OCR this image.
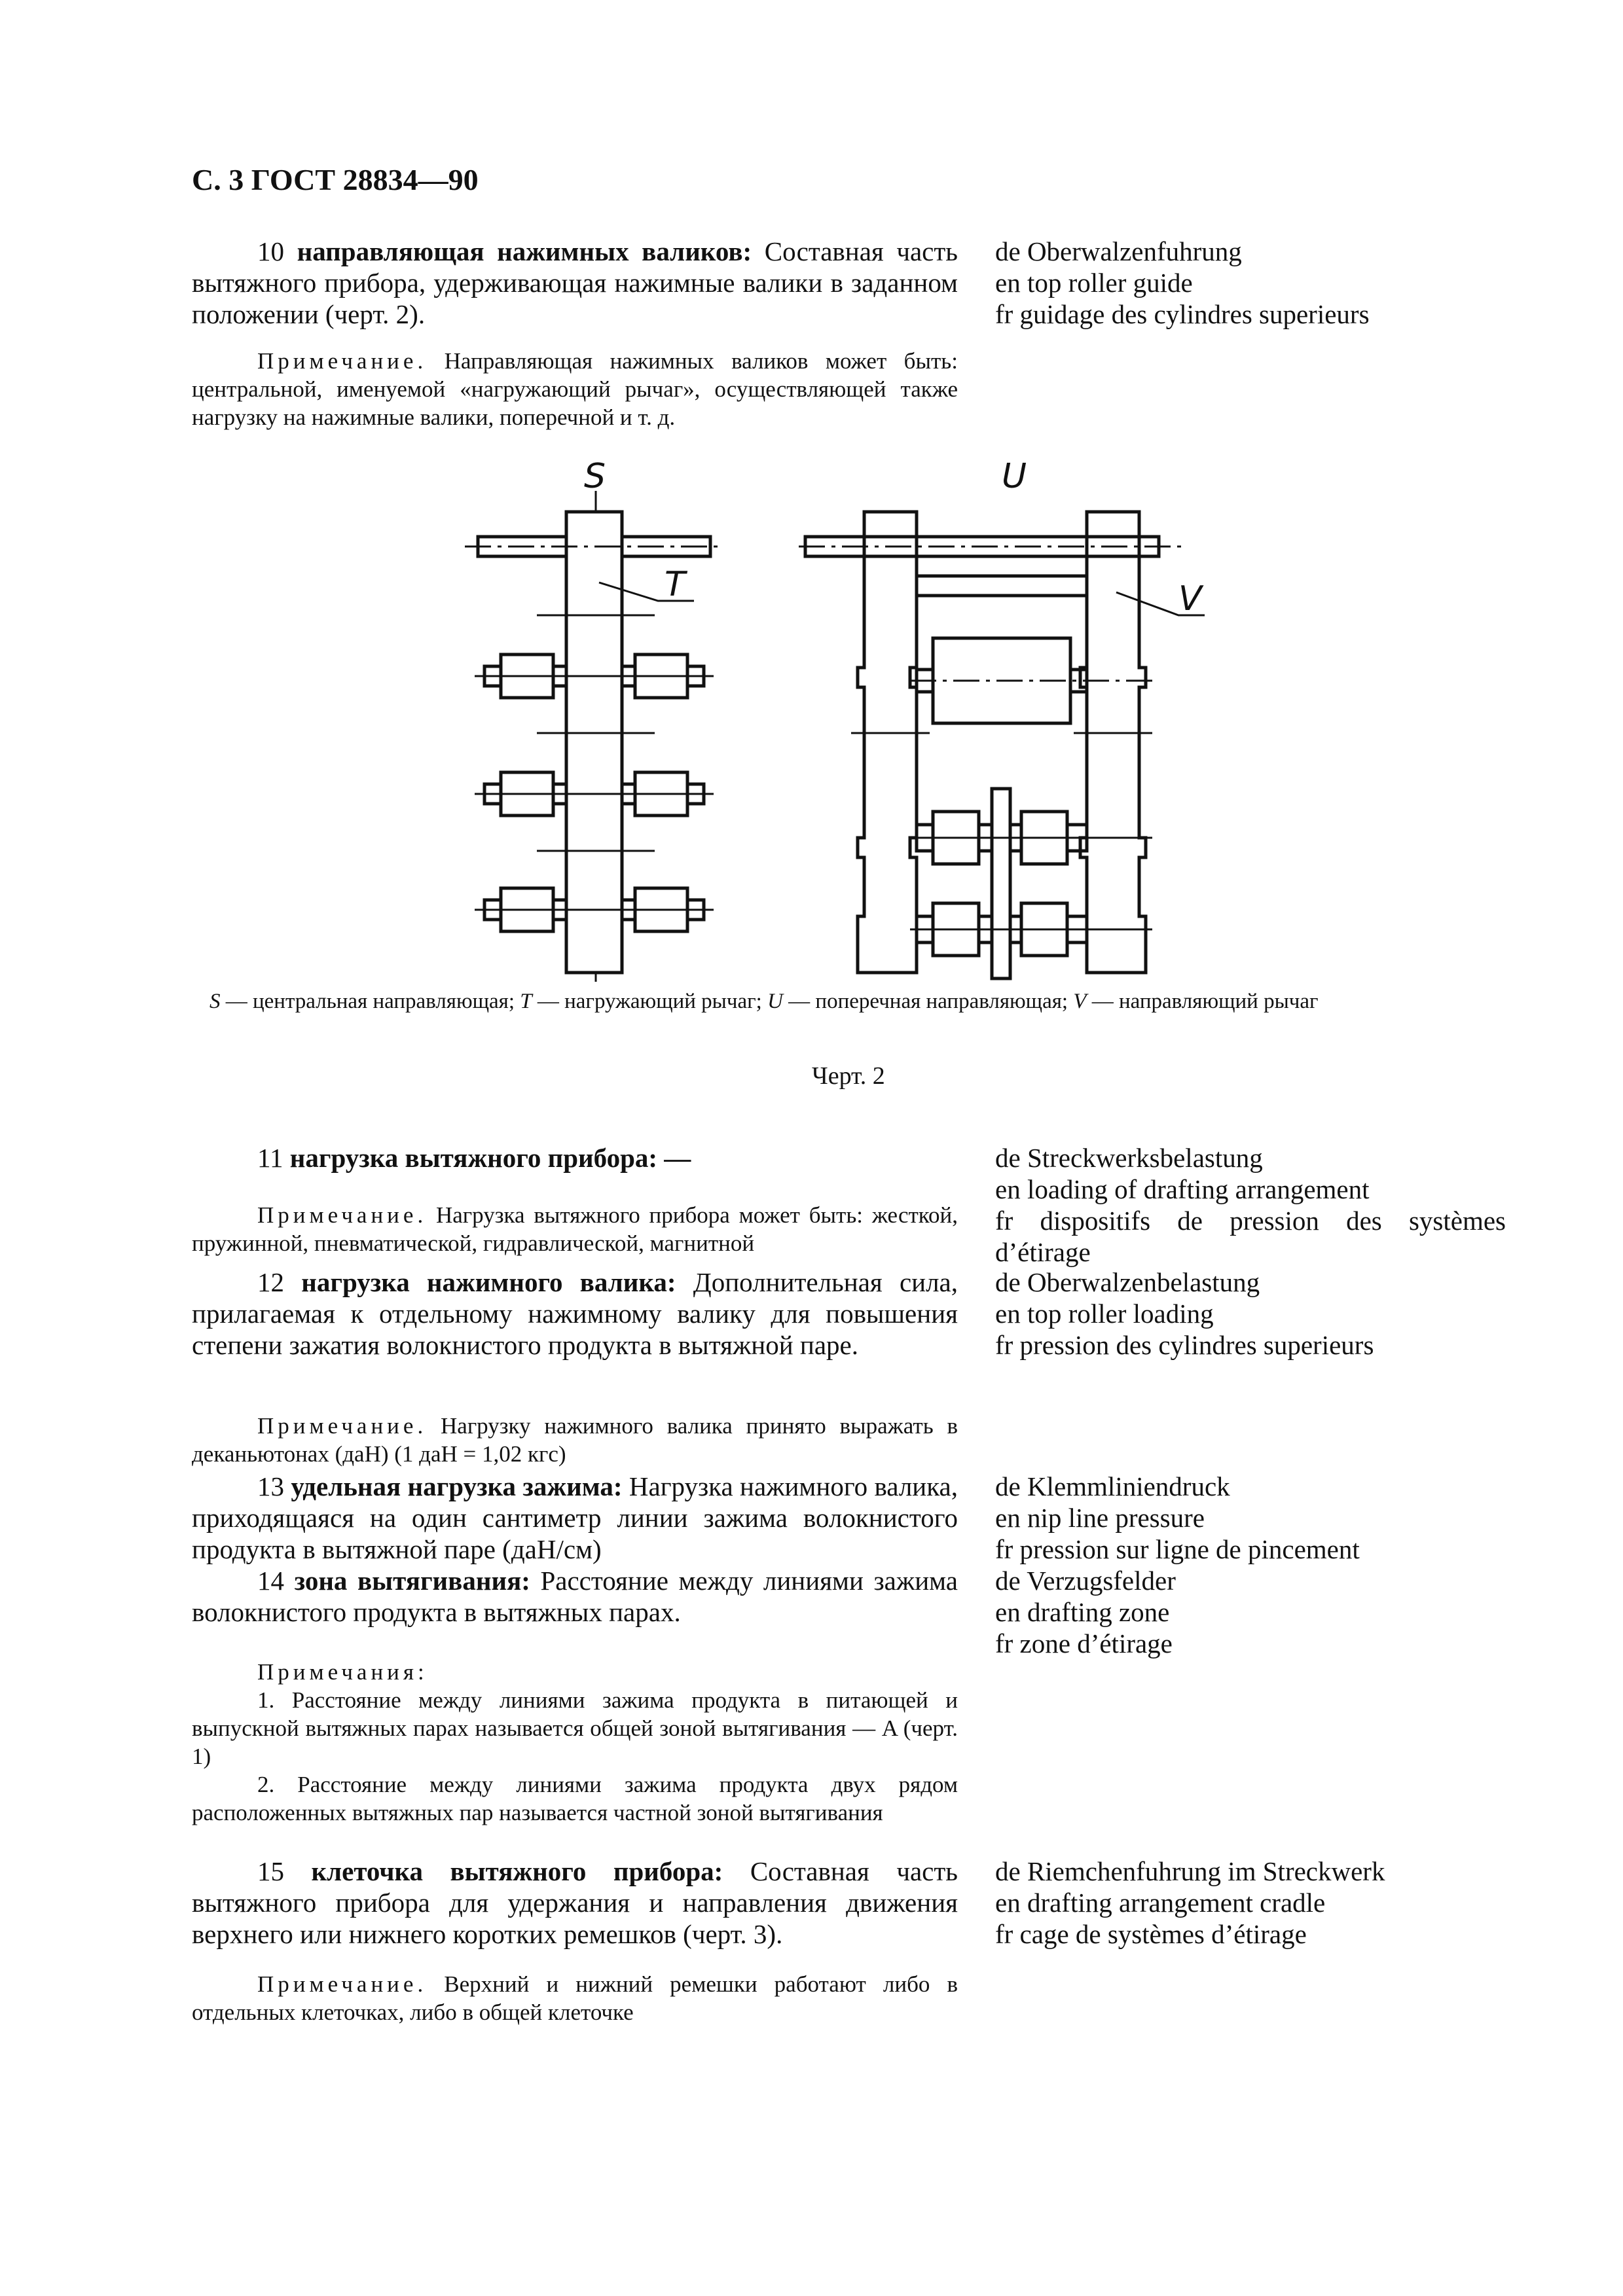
С. 3 ГОСТ 28834—90
10 направляющая нажимных валиков: Составная часть вытяжного прибора, удерживающая нажимные валики в заданном положении (черт. 2).
Примечание. Направляющая нажимных валиков может быть: центральной, именуемой «нагружающий рычаг», осуществляющей также нагрузку на нажимные валики, поперечной и т. д.
de Oberwalzenfuhrung
en top roller guide
fr guidage des cylindres superieurs
S
T
U
V
S — центральная направляющая; T — нагружающий рычаг; U — поперечная направляющая; V — направляющий рычаг
Черт. 2
11 нагрузка вытяжного прибора: —
Примечание. Нагрузка вытяжного прибора может быть: жесткой, пружинной, пневматической, гидравлической, магнитной
de Streckwerksbelastung
en loading of drafting arrangement
fr dispositifs de pression des systèmes d’étirage
12 нагрузка нажимного валика: Дополнительная сила, прилагаемая к отдельному нажимному валику для повышения степени зажатия волокнистого продукта в вытяжной паре.
Примечание. Нагрузку нажимного валика принято выражать в деканьютонах (даН) (1 даН = 1,02 кгс)
de Oberwalzenbelastung
en top roller loading
fr pression des cylindres superieurs
13 удельная нагрузка зажима: Нагрузка нажимного валика, приходящаяся на один сантиметр линии зажима волокнистого продукта в вытяжной паре (даН/см)
de Klemmliniendruck
en nip line pressure
fr pression sur ligne de pincement
14 зона вытягивания: Расстояние между линиями зажима волокнистого продукта в вытяжных парах.

Примечания:

1. Расстояние между линиями зажима продукта в питающей и выпускной вытяжных парах называется общей зоной вытягивания — A (черт. 1)

2. Расстояние между линиями зажима продукта двух рядом расположенных вытяжных пар называется частной зоной вытягивания

de Verzugsfelder
en drafting zone
fr zone d’étirage
15 клеточка вытяжного прибора: Составная часть вытяжного прибора для удержания и направления движения верхнего или нижнего коротких ремешков (черт. 3).
Примечание. Верхний и нижний ремешки работают либо в отдельных клеточках, либо в общей клеточке
de Riemchenfuhrung im Streckwerk
en drafting arrangement cradle
fr cage de systèmes d’étirage
